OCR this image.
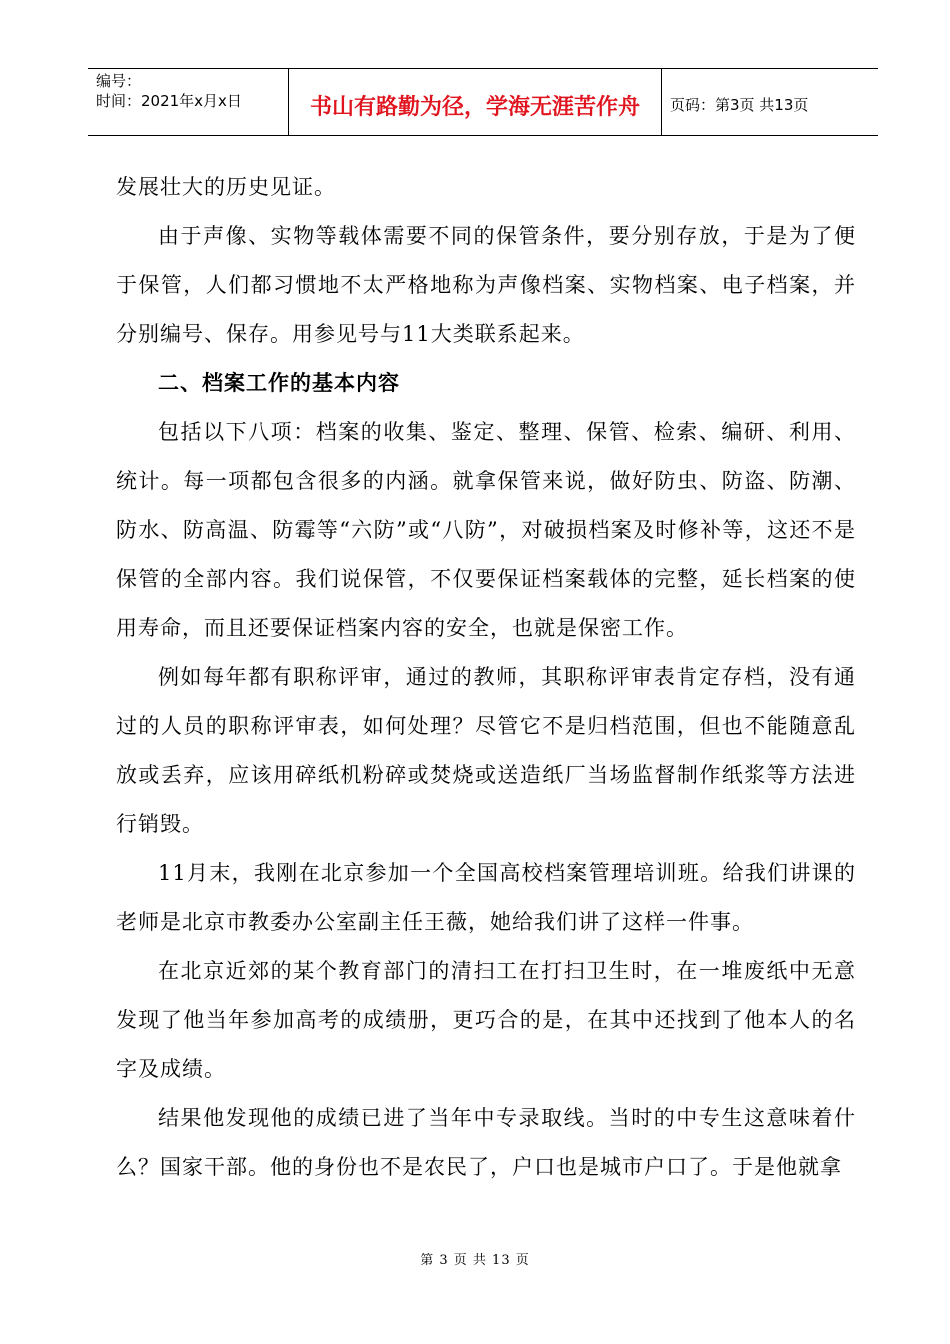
编号：
时间：2021年x月x日	书山有路勤为径，学海无涯苦作舟	页码：第3页 共13页

发展壮大的历史见证。

由于声像、实物等载体需要不同的保管条件，要分别存放，于是为了便于保管，人们都习惯地不太严格地称为声像档案、实物档案、电子档案，并分别编号、保存。用参见号与11大类联系起来。

二、档案工作的基本内容

包括以下八项：档案的收集、鉴定、整理、保管、检索、编研、利用、统计。每一项都包含很多的内涵。就拿保管来说，做好防虫、防盗、防潮、防水、防高温、防霉等“六防”或“八防”，对破损档案及时修补等，这还不是保管的全部内容。我们说保管，不仅要保证档案载体的完整，延长档案的使用寿命，而且还要保证档案内容的安全，也就是保密工作。

例如每年都有职称评审，通过的教师，其职称评审表肯定存档，没有通过的人员的职称评审表，如何处理？尽管它不是归档范围，但也不能随意乱放或丢弃，应该用碎纸机粉碎或焚烧或送造纸厂当场监督制作纸浆等方法进行销毁。

11月末，我刚在北京参加一个全国高校档案管理培训班。给我们讲课的老师是北京市教委办公室副主任王薇，她给我们讲了这样一件事。

在北京近郊的某个教育部门的清扫工在打扫卫生时，在一堆废纸中无意发现了他当年参加高考的成绩册，更巧合的是，在其中还找到了他本人的名字及成绩。

结果他发现他的成绩已进了当年中专录取线。当时的中专生这意味着什么？国家干部。他的身份也不是农民了，户口也是城市户口了。于是他就拿

第 3 页 共 13 页
